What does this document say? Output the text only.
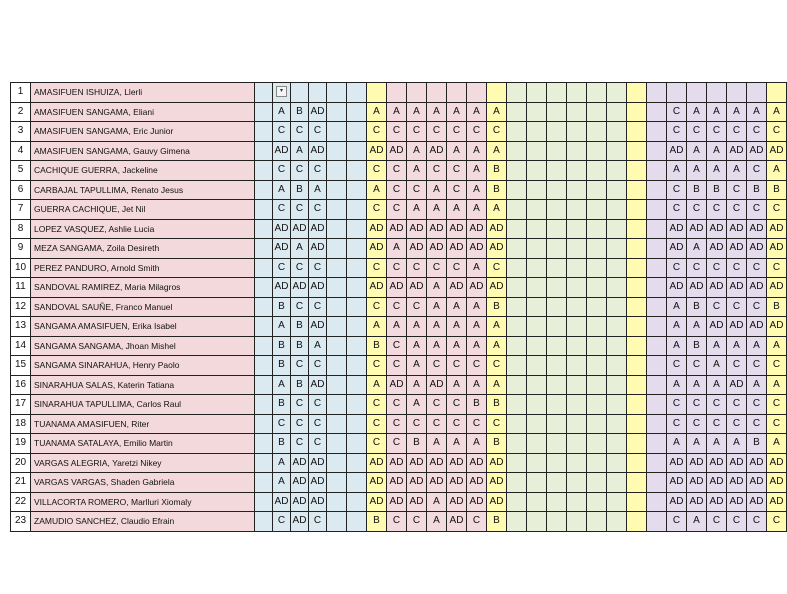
1	AMASIFUEN ISHUIZA, Llerli		▾																									
2	AMASIFUEN SANGAMA, Eliani		A	B	AD			A	A	A	A	A	A	A									C	A	A	A	A	A
3	AMASIFUEN SANGAMA, Eric Junior		C	C	C			C	C	C	C	C	C	C									C	C	C	C	C	C
4	AMASIFUEN SANGAMA, Gauvy Gimena		AD	A	AD			AD	AD	A	AD	A	A	A									AD	A	A	AD	AD	AD
5	CACHIQUE GUERRA, Jackeline		C	C	C			C	C	A	C	C	A	B									A	A	A	A	C	A
6	CARBAJAL TAPULLIMA, Renato Jesus		A	B	A			A	C	C	A	C	A	B									C	B	B	C	B	B
7	GUERRA CACHIQUE, Jet Nil		C	C	C			C	C	A	A	A	A	A									C	C	C	C	C	C
8	LOPEZ VASQUEZ, Ashlie Lucia		AD	AD	AD			AD	AD	AD	AD	AD	AD	AD									AD	AD	AD	AD	AD	AD
9	MEZA SANGAMA, Zoila Desireth		AD	A	AD			AD	A	AD	AD	AD	AD	AD									AD	A	AD	AD	AD	AD
10	PEREZ PANDURO, Arnold Smith		C	C	C			C	C	C	C	C	A	C									C	C	C	C	C	C
11	SANDOVAL RAMIREZ, Maria Milagros		AD	AD	AD			AD	AD	AD	A	AD	AD	AD									AD	AD	AD	AD	AD	AD
12	SANDOVAL SAUÑE, Franco Manuel		B	C	C			C	C	C	A	A	A	B									A	B	C	C	C	B
13	SANGAMA AMASIFUEN, Erika Isabel		A	B	AD			A	A	A	A	A	A	A									A	A	AD	AD	AD	AD
14	SANGAMA SANGAMA, Jhoan Mishel		B	B	A			B	C	A	A	A	A	A									A	B	A	A	A	A
15	SANGAMA SINARAHUA, Henry Paolo		B	C	C			C	C	A	C	C	C	C									C	C	A	C	C	C
16	SINARAHUA SALAS, Katerin Tatiana		A	B	AD			A	AD	A	AD	A	A	A									A	A	A	AD	A	A
17	SINARAHUA TAPULLIMA, Carlos Raul		B	C	C			C	C	A	C	C	B	B									C	C	C	C	C	C
18	TUANAMA AMASIFUEN, Riter		C	C	C			C	C	C	C	C	C	C									C	C	C	C	C	C
19	TUANAMA SATALAYA, Emilio Martin		B	C	C			C	C	B	A	A	A	B									A	A	A	A	B	A
20	VARGAS ALEGRIA, Yaretzi Nikey		A	AD	AD			AD	AD	AD	AD	AD	AD	AD									AD	AD	AD	AD	AD	AD
21	VARGAS VARGAS, Shaden Gabriela		A	AD	AD			AD	AD	AD	AD	AD	AD	AD									AD	AD	AD	AD	AD	AD
22	VILLACORTA ROMERO, Marlluri Xiomaly		AD	AD	AD			AD	AD	AD	A	AD	AD	AD									AD	AD	AD	AD	AD	AD
23	ZAMUDIO SANCHEZ, Claudio Efrain		C	AD	C			B	C	C	A	AD	C	B									C	A	C	C	C	C
